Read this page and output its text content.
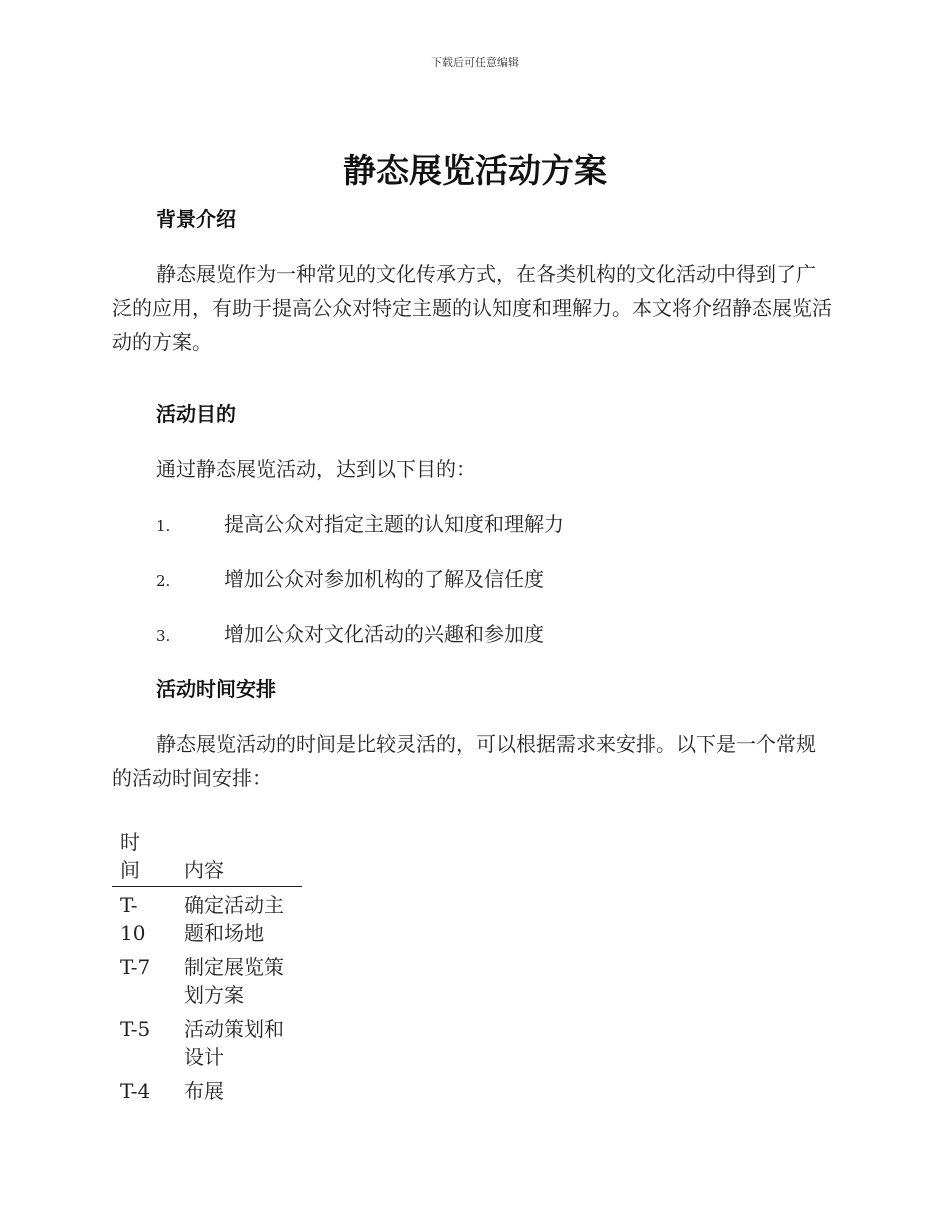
下载后可任意编辑
静态展览活动方案
背景介绍

静态展览作为一种常见的文化传承方式，在各类机构的文化活动中得到了广泛的应用，有助于提高公众对特定主题的认知度和理解力。本文将介绍静态展览活动的方案。

活动目的

通过静态展览活动，达到以下目的：

1.	提高公众对指定主题的认知度和理解力
2.	增加公众对参加机构的了解及信任度
3.	增加公众对文化活动的兴趣和参加度
活动时间安排

静态展览活动的时间是比较灵活的，可以根据需求来安排。以下是一个常规的活动时间安排：

时间	内容

T-10	确定活动主题和场地

T-7	制定展览策划方案

T-5	活动策划和设计

T-4	布展
